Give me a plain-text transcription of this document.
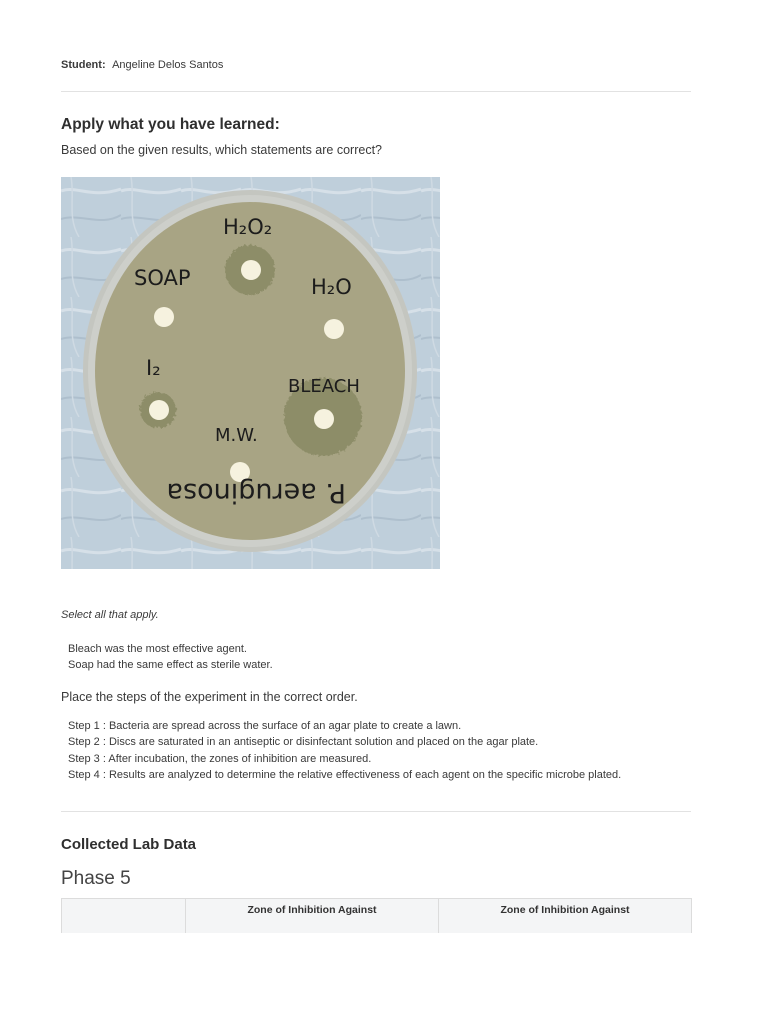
Student: Angeline Delos Santos
Apply what you have learned:
Based on the given results, which statements are correct?
H₂O₂
SOAP	H₂O
I₂
BLEACH
M.W.
P. aeruginosa
Select all that apply.
Bleach was the most effective agent.
Soap had the same effect as sterile water.
Place the steps of the experiment in the correct order.
Step 1 : Bacteria are spread across the surface of an agar plate to create a lawn.
Step 2 : Discs are saturated in an antiseptic or disinfectant solution and placed on the agar plate.
Step 3 : After incubation, the zones of inhibition are measured.
Step 4 : Results are analyzed to determine the relative effectiveness of each agent on the specific microbe plated.
Collected Lab Data
Phase 5
	Zone of Inhibition Against	Zone of Inhibition Against
